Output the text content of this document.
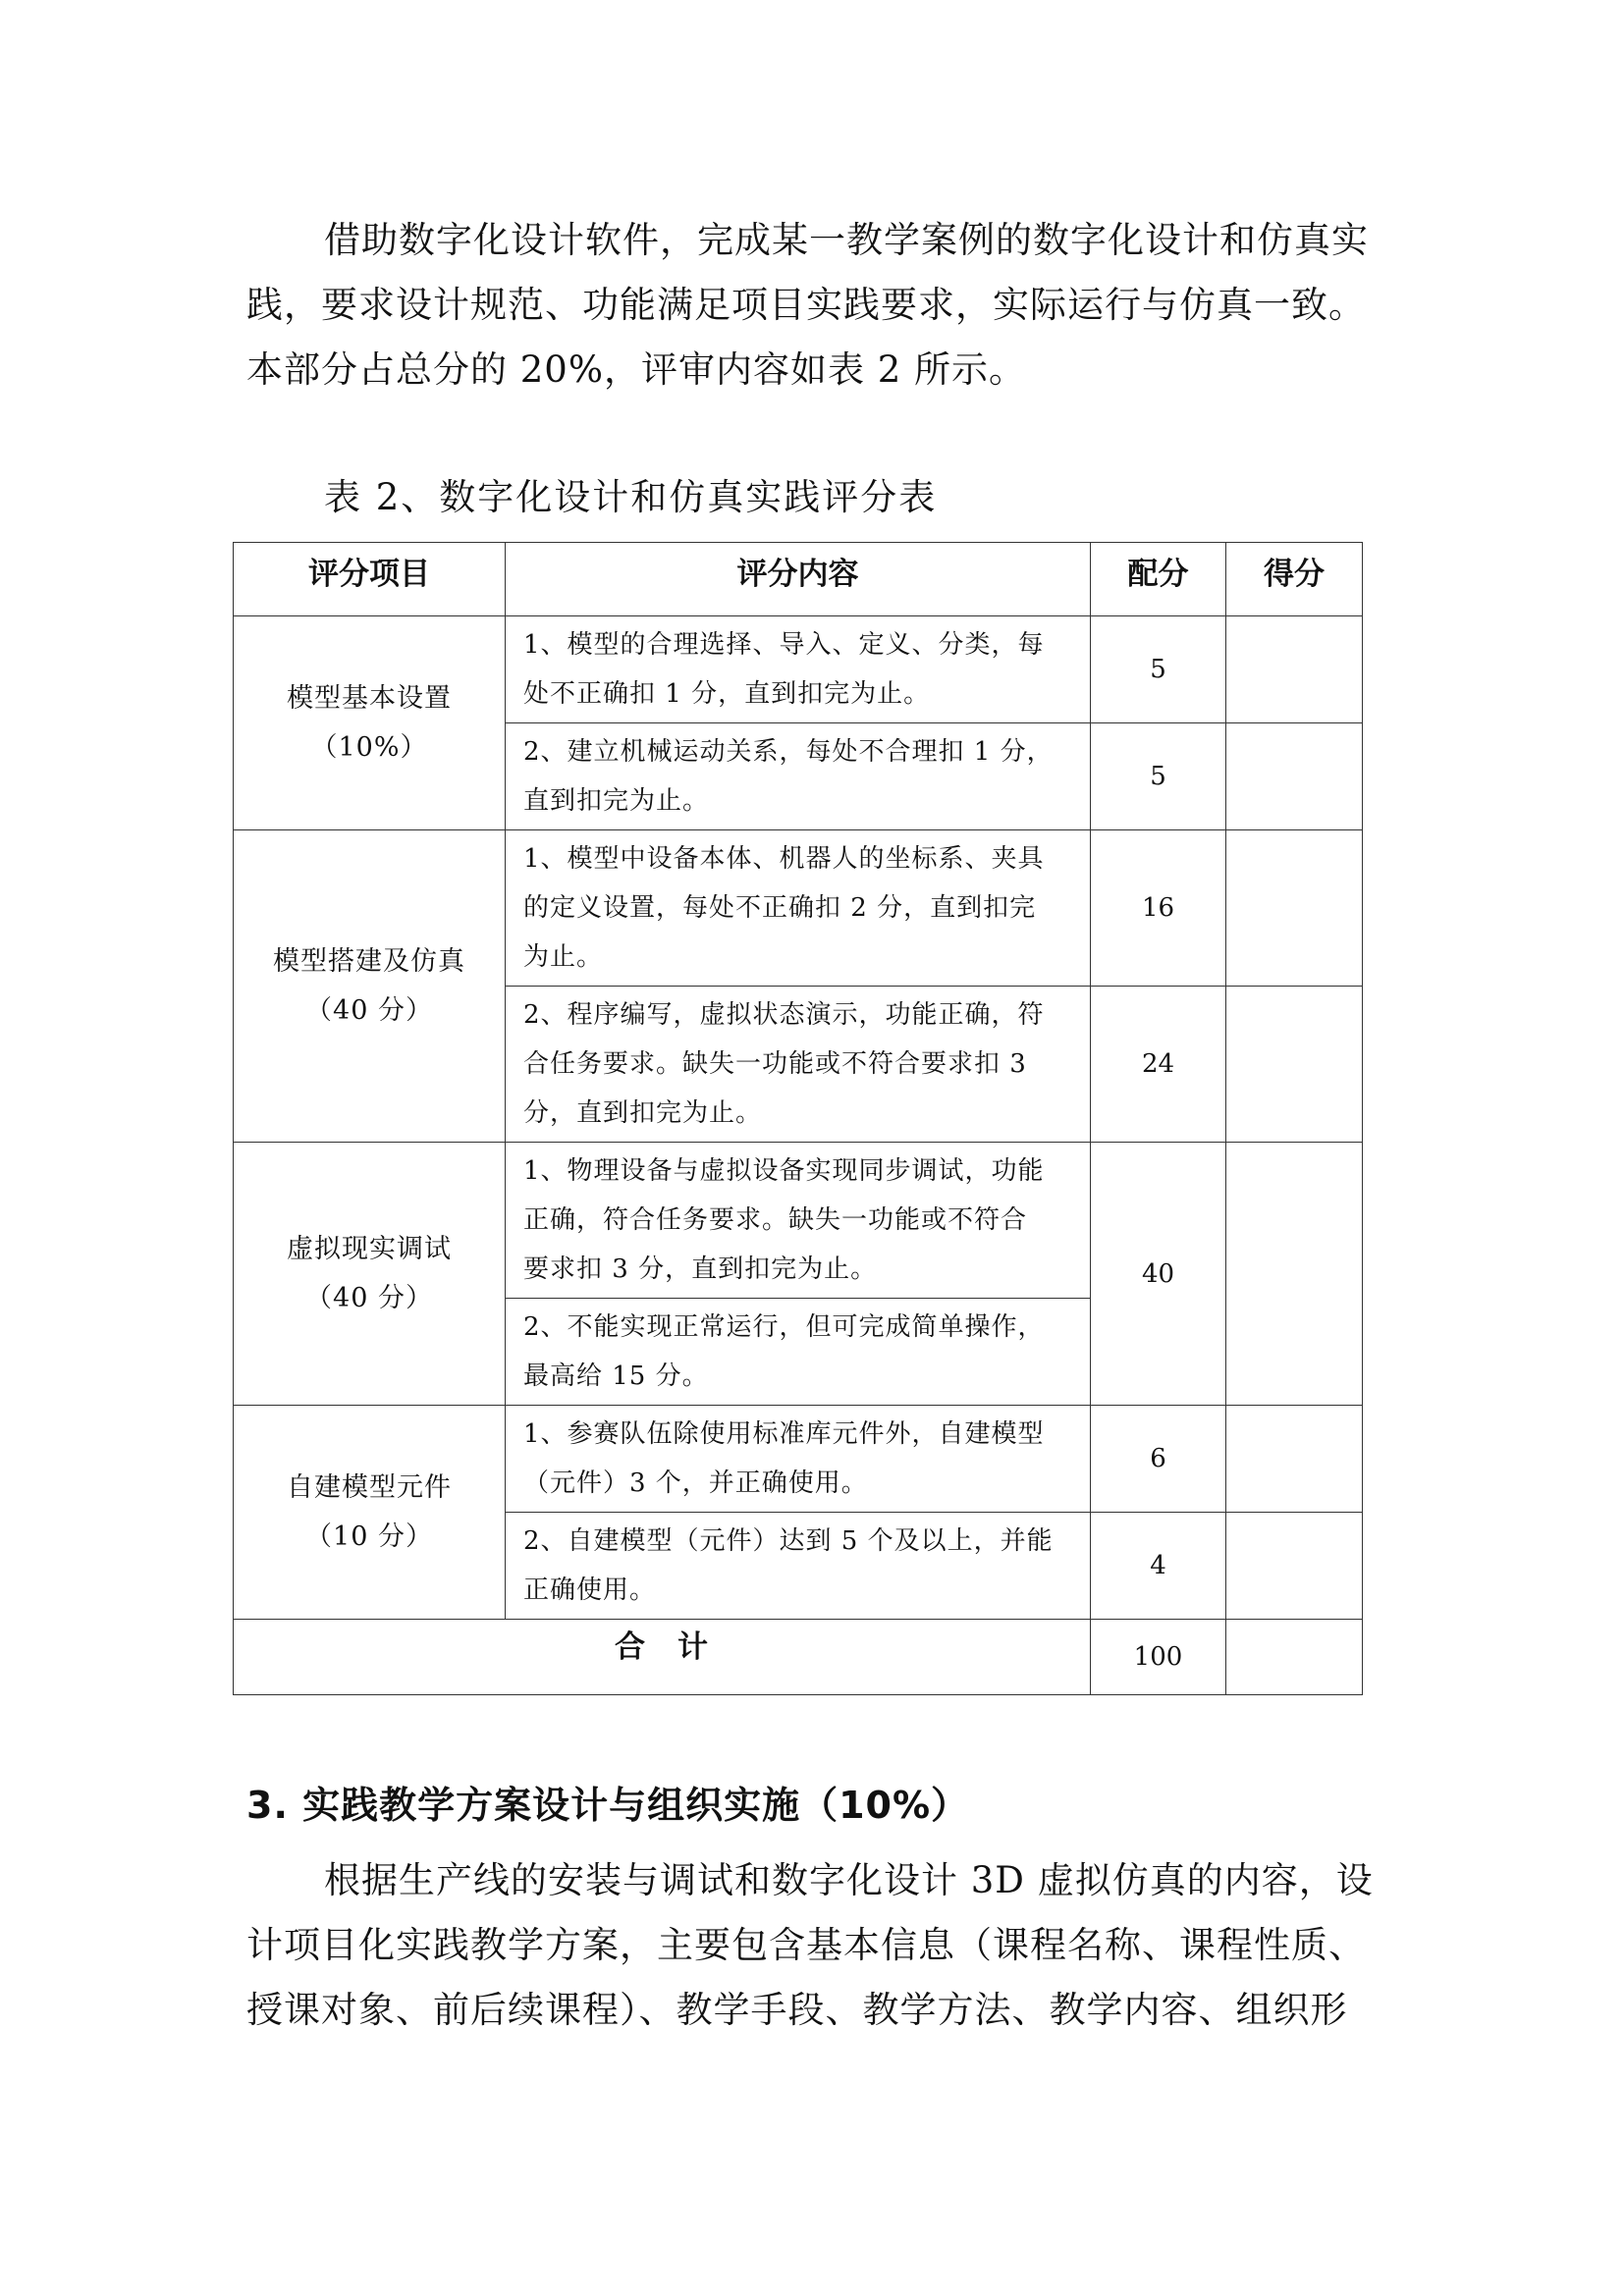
借助数字化设计软件，完成某一教学案例的数字化设计和仿真实
践，要求设计规范、功能满足项目实践要求，实际运行与仿真一致。
本部分占总分的 20%，评审内容如表 2 所示。
表 2、数字化设计和仿真实践评分表
评分项目	评分内容	配分	得分

模型基本设置
（10%）	1、模型的合理选择、导入、定义、分类，每
处不正确扣 1 分，直到扣完为止。	5	

	2、建立机械运动关系，每处不合理扣 1 分，
直到扣完为止。	5	

模型搭建及仿真
（40 分）	1、模型中设备本体、机器人的坐标系、夹具
的定义设置，每处不正确扣 2 分，直到扣完
为止。	16	

	2、程序编写，虚拟状态演示，功能正确，符
合任务要求。缺失一功能或不符合要求扣 3
分，直到扣完为止。	24	

虚拟现实调试
（40 分）	1、物理设备与虚拟设备实现同步调试，功能
正确，符合任务要求。缺失一功能或不符合
要求扣 3 分，直到扣完为止。	40	

	2、不能实现正常运行，但可完成简单操作，
最高给 15 分。		

自建模型元件
（10 分）	1、参赛队伍除使用标准库元件外，自建模型
（元件）3 个，并正确使用。	6	

	2、自建模型（元件）达到 5 个及以上，并能
正确使用。	4	
合　计		100	
3. 实践教学方案设计与组织实施（10%）
根据生产线的安装与调试和数字化设计 3D 虚拟仿真的内容，设
计项目化实践教学方案，主要包含基本信息（课程名称、课程性质、
授课对象、前后续课程）、教学手段、教学方法、教学内容、组织形
